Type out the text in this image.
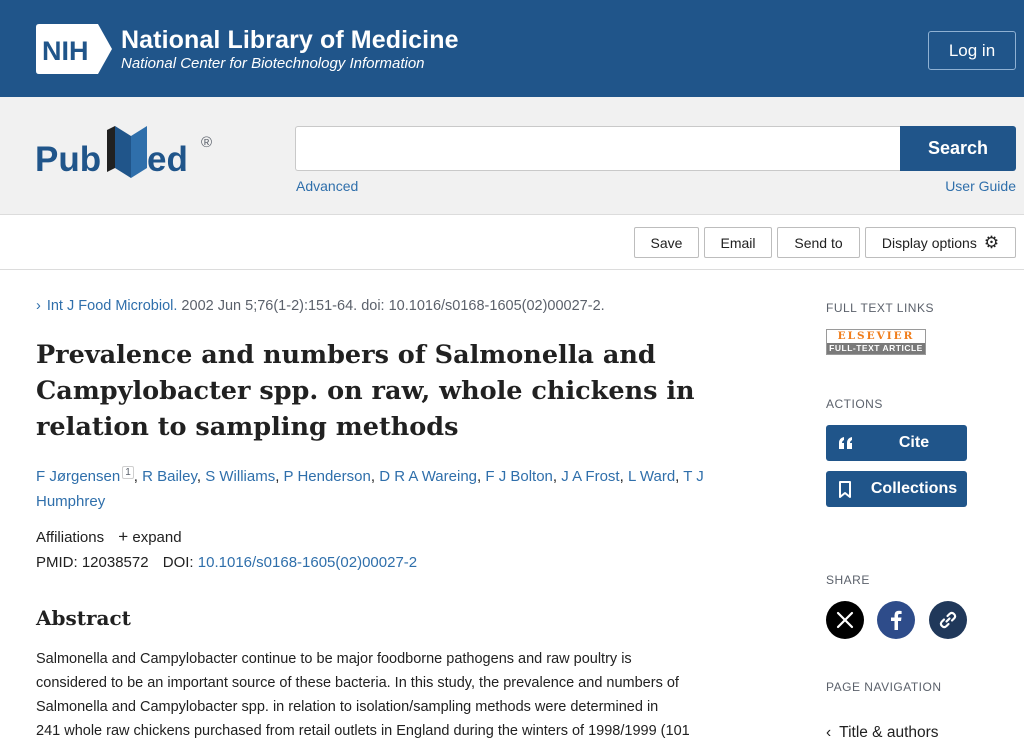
NIH National Library of Medicine
National Center for Biotechnology Information
Log in
Pub ed ®	Search
Advanced	User Guide
Save	Email	Send to	Display options ⚙
› Int J Food Microbiol. 2002 Jun 5;76(1-2):151-64. doi: 10.1016/s0168-1605(02)00027-2.
Prevalence and numbers of Salmonella and Campylobacter spp. on raw, whole chickens in relation to sampling methods
F Jørgensen $^1$ , R Bailey, S Williams, P Henderson, D R A Wareing, F J Bolton, J A Frost, L Ward, T J Humphrey
Affiliations + expand
PMID: 12038572 DOI: 10.1016/s0168-1605(02)00027-2
Abstract
Salmonella and Campylobacter continue to be major foodborne pathogens and raw poultry is
considered to be an important source of these bacteria. In this study, the prevalence and numbers of
Salmonella and Campylobacter spp. in relation to isolation/sampling methods were determined in
241 whole raw chickens purchased from retail outlets in England during the winters of 1998/1999 (101
FULL TEXT LINKS
ELSEVIER
FULL-TEXT ARTICLE
ACTIONS
Cite
Collections
SHARE
PAGE NAVIGATION
‹ Title & authors
